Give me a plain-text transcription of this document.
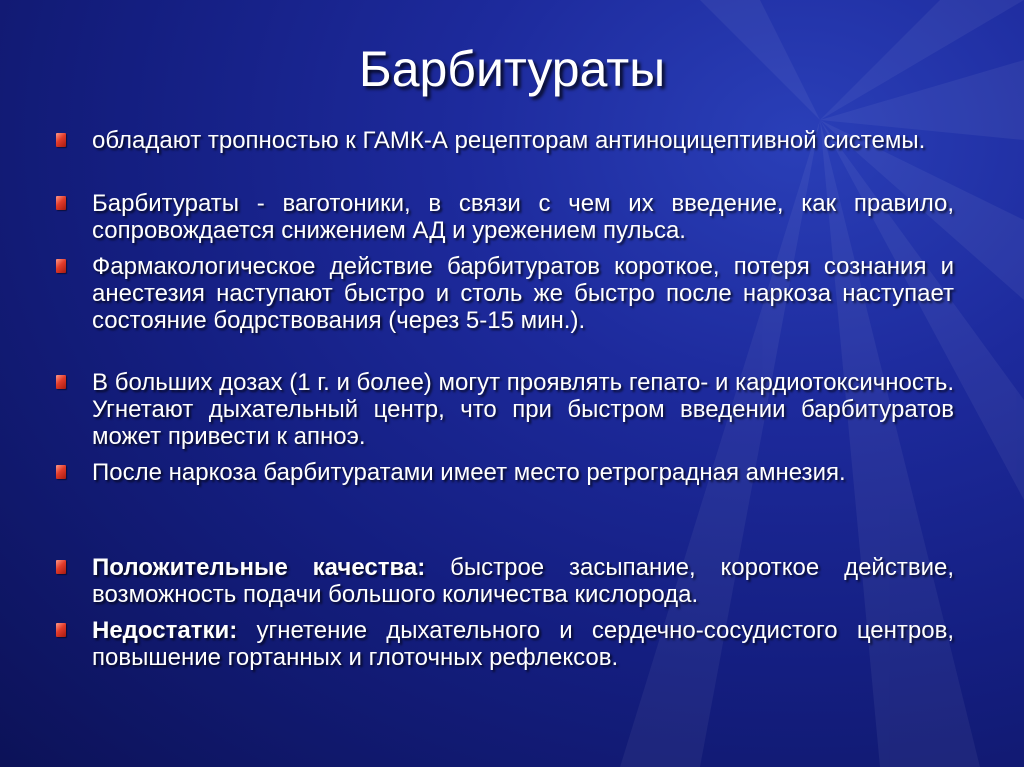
Барбитураты
обладают тропностью к ГАМК-А рецепторам антиноцицептивной системы.
Барбитураты - ваготоники, в связи с чем их введение, как правило, сопровождается снижением АД и урежением пульса.
Фармакологическое действие барбитуратов короткое, потеря сознания и анестезия наступают быстро и столь же быстро после наркоза наступает состояние бодрствования (через 5-15 мин.).
В больших дозах (1 г. и более) могут проявлять гепато- и кардиотоксичность. Угнетают дыхательный центр, что при быстром введении барбитуратов может привести к апноэ.
После наркоза барбитуратами имеет место ретроградная амнезия.
Положительные качества: быстрое засыпание, короткое действие, возможность подачи большого количества кислорода.
Недостатки: угнетение дыхательного и сердечно-сосудистого центров, повышение гортанных и глоточных рефлексов.
